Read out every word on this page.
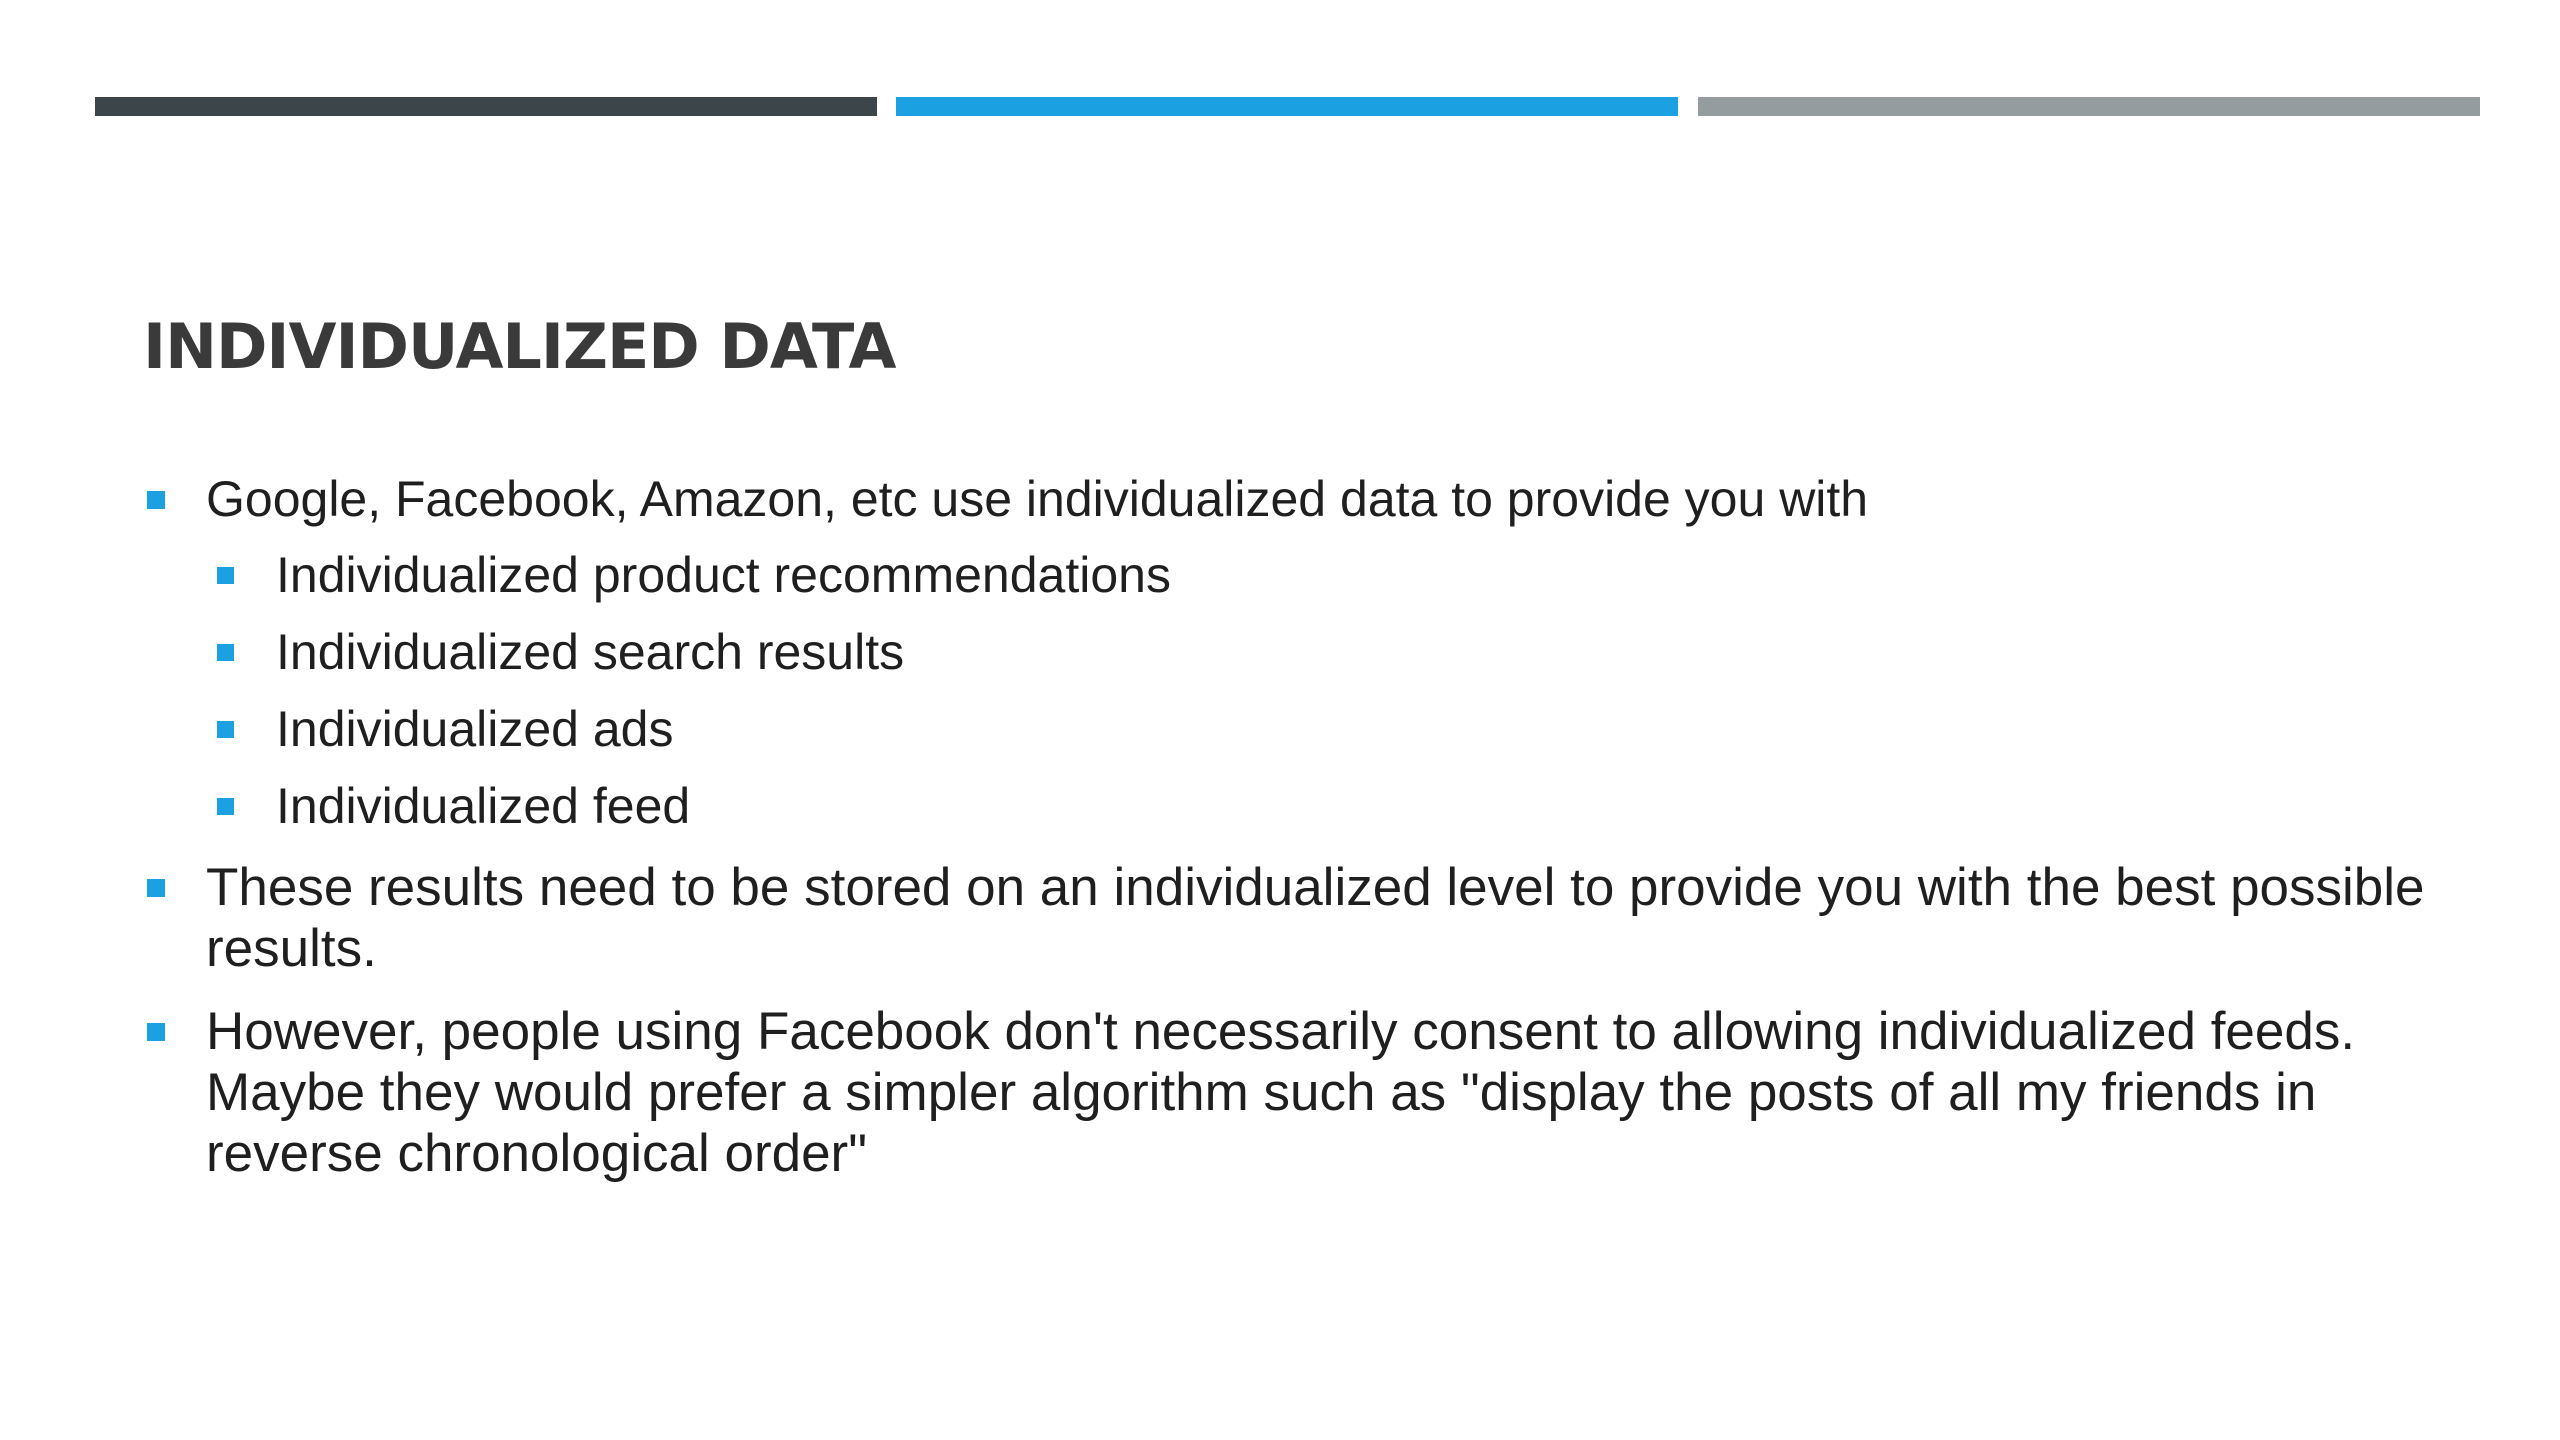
INDIVIDUALIZED DATA
Google, Facebook, Amazon, etc use individualized data to provide you with
Individualized product recommendations
Individualized search results
Individualized ads
Individualized feed
These results need to be stored on an individualized level to provide you with the best possible results.
However, people using Facebook don't necessarily consent to allowing individualized feeds. Maybe they would prefer a simpler algorithm such as "display the posts of all my friends in reverse chronological order"
